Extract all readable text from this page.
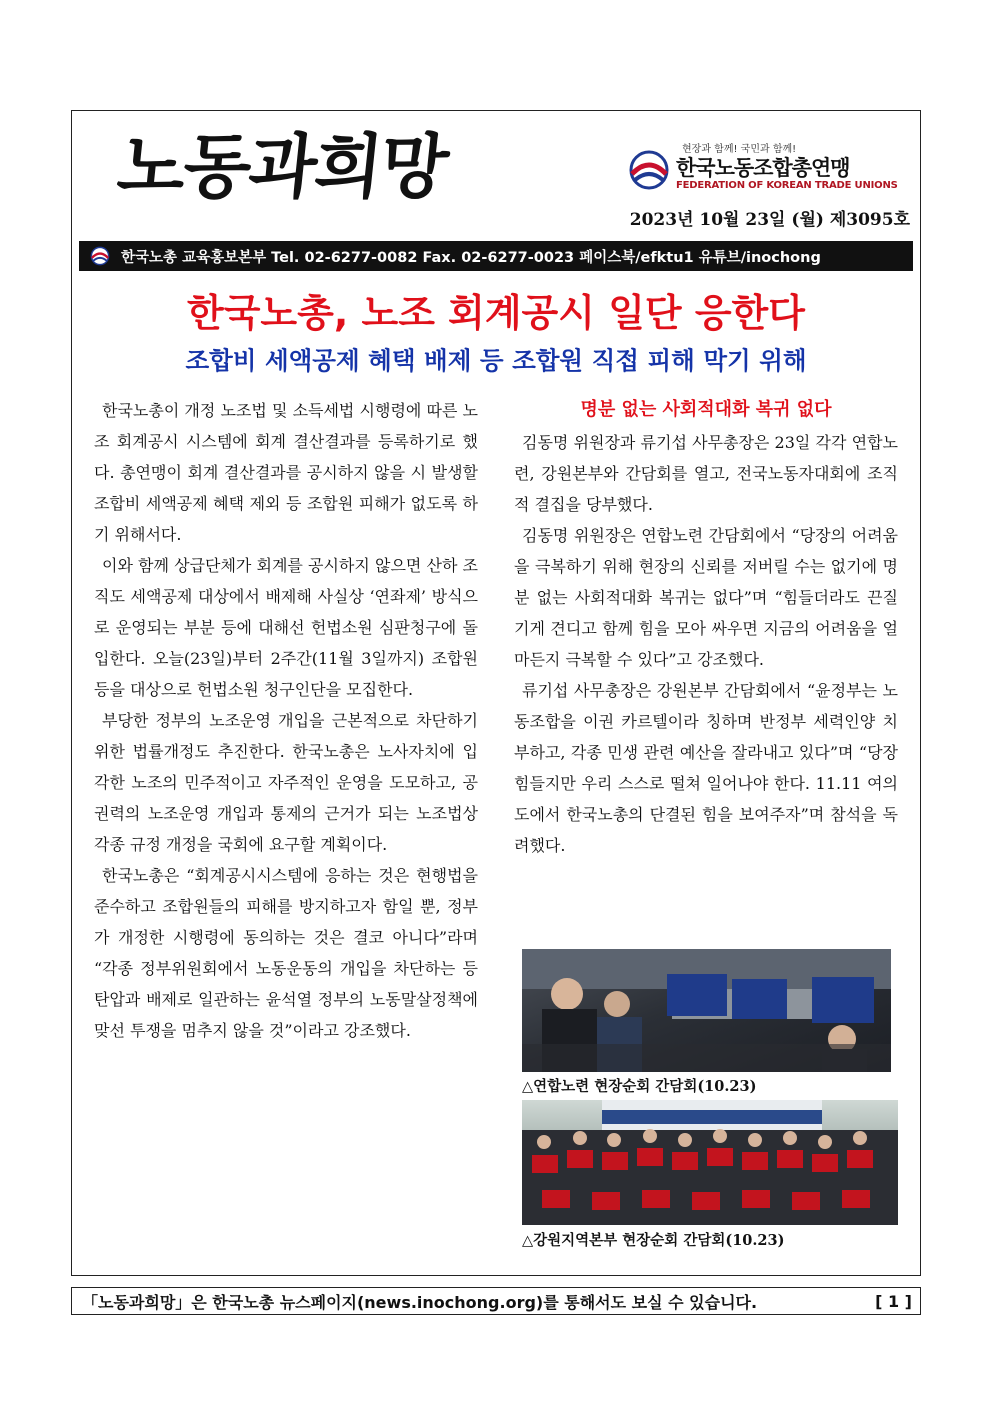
노동과희망	현장과 함께! 국민과 함께!
한국노동조합총연맹
FEDERATION OF KOREAN TRADE UNIONS
2023년 10월 23일 (월) 제3095호
한국노총 교육홍보본부 Tel. 02-6277-0082 Fax. 02-6277-0023 페이스북/efktu1 유튜브/inochong
한국노총, 노조 회계공시 일단 응한다
조합비 세액공제 혜택 배제 등 조합원 직접 피해 막기 위해

한국노총이 개정 노조법 및 소득세법 시행령에 따른 노조 회계공시 시스템에 회계 결산결과를 등록하기로 했다. 총연맹이 회계 결산결과를 공시하지 않을 시 발생할 조합비 세액공제 혜택 제외 등 조합원 피해가 없도록 하기 위해서다.

이와 함께 상급단체가 회계를 공시하지 않으면 산하 조직도 세액공제 대상에서 배제해 사실상 ‘연좌제’ 방식으로 운영되는 부분 등에 대해선 헌법소원 심판청구에 돌입한다. 오늘(23일)부터 2주간(11월 3일까지) 조합원 등을 대상으로 헌법소원 청구인단을 모집한다.

부당한 정부의 노조운영 개입을 근본적으로 차단하기 위한 법률개정도 추진한다. 한국노총은 노사자치에 입각한 노조의 민주적이고 자주적인 운영을 도모하고, 공권력의 노조운영 개입과 통제의 근거가 되는 노조법상 각종 규정 개정을 국회에 요구할 계획이다.

한국노총은 “회계공시시스템에 응하는 것은 현행법을 준수하고 조합원들의 피해를 방지하고자 함일 뿐, 정부가 개정한 시행령에 동의하는 것은 결코 아니다”라며 “각종 정부위원회에서 노동운동의 개입을 차단하는 등 탄압과 배제로 일관하는 윤석열 정부의 노동말살정책에 맞선 투쟁을 멈추지 않을 것”이라고 강조했다.

명분 없는 사회적대화 복귀 없다

김동명 위원장과 류기섭 사무총장은 23일 각각 연합노련, 강원본부와 간담회를 열고, 전국노동자대회에 조직적 결집을 당부했다.

김동명 위원장은 연합노련 간담회에서 “당장의 어려움을 극복하기 위해 현장의 신뢰를 저버릴 수는 없기에 명분 없는 사회적대화 복귀는 없다”며 “힘들더라도 끈질기게 견디고 함께 힘을 모아 싸우면 지금의 어려움을 얼마든지 극복할 수 있다”고 강조했다.

류기섭 사무총장은 강원본부 간담회에서 “윤정부는 노동조합을 이권 카르텔이라 칭하며 반정부 세력인양 치부하고, 각종 민생 관련 예산을 잘라내고 있다”며 “당장 힘들지만 우리 스스로 떨쳐 일어나야 한다. 11.11 여의도에서 한국노총의 단결된 힘을 보여주자”며 참석을 독려했다.

△연합노련 현장순회 간담회(10.23)
△강원지역본부 현장순회 간담회(10.23)
「노동과희망」은 한국노총 뉴스페이지(news.inochong.org)를 통해서도 보실 수 있습니다.	[ 1 ]
